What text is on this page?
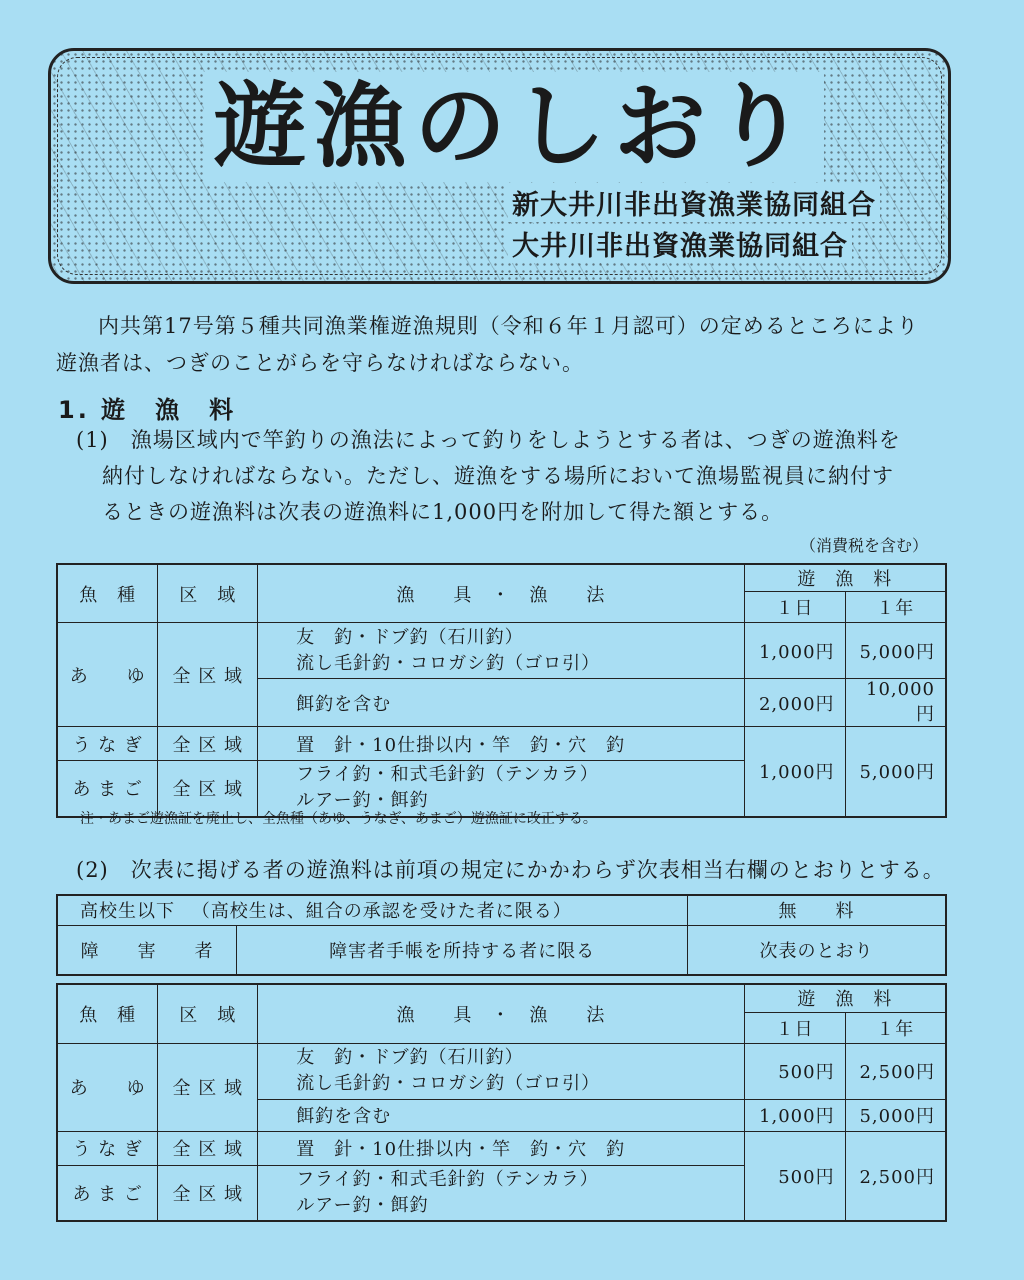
遊漁のしおり
新大井川非出資漁業協同組合
大井川非出資漁業協同組合
内共第17号第５種共同漁業権遊漁規則（令和６年１月認可）の定めるところにより
遊漁者は、つぎのことがらを守らなければならない。
1. 遊　漁　料
(1)　漁場区域内で竿釣りの漁法によって釣りをしようとする者は、つぎの遊漁料を
納付しなければならない。ただし、遊漁をする場所において漁場監視員に納付す
るときの遊漁料は次表の遊漁料に1,000円を附加して得た額とする。
（消費税を含む）
魚　種	区　域	漁　　具　・　漁　　法	遊　漁　料	
			１日	１年
あ　　ゆ	全 区 域	友　釣・ドブ釣（石川釣）
流し毛針釣・コロガシ釣（ゴロ引）	1,000円	5,000円
		餌釣を含む	2,000円	10,000円
う な ぎ	全 区 域	置　針・10仕掛以内・竿　釣・穴　釣	1,000円	5,000円
あ ま ご	全 区 域	フライ釣・和式毛針釣（テンカラ）
ルアー釣・餌釣		
注・あまご遊漁証を廃止し、全魚種（あゆ、うなぎ、あまご）遊漁証に改正する。
(2)　次表に掲げる者の遊漁料は前項の規定にかかわらず次表相当右欄のとおりとする。
高校生以下 （高校生は、組合の承認を受けた者に限る）		無　　料
障　　害　　者	障害者手帳を所持する者に限る	次表のとおり
魚　種	区　域	漁　　具　・　漁　　法	遊　漁　料	
			１日	１年
あ　　ゆ	全 区 域	友　釣・ドブ釣（石川釣）
流し毛針釣・コロガシ釣（ゴロ引）	500円	2,500円
		餌釣を含む	1,000円	5,000円
う な ぎ	全 区 域	置　針・10仕掛以内・竿　釣・穴　釣	500円	2,500円
あ ま ご	全 区 域	フライ釣・和式毛針釣（テンカラ）
ルアー釣・餌釣		
